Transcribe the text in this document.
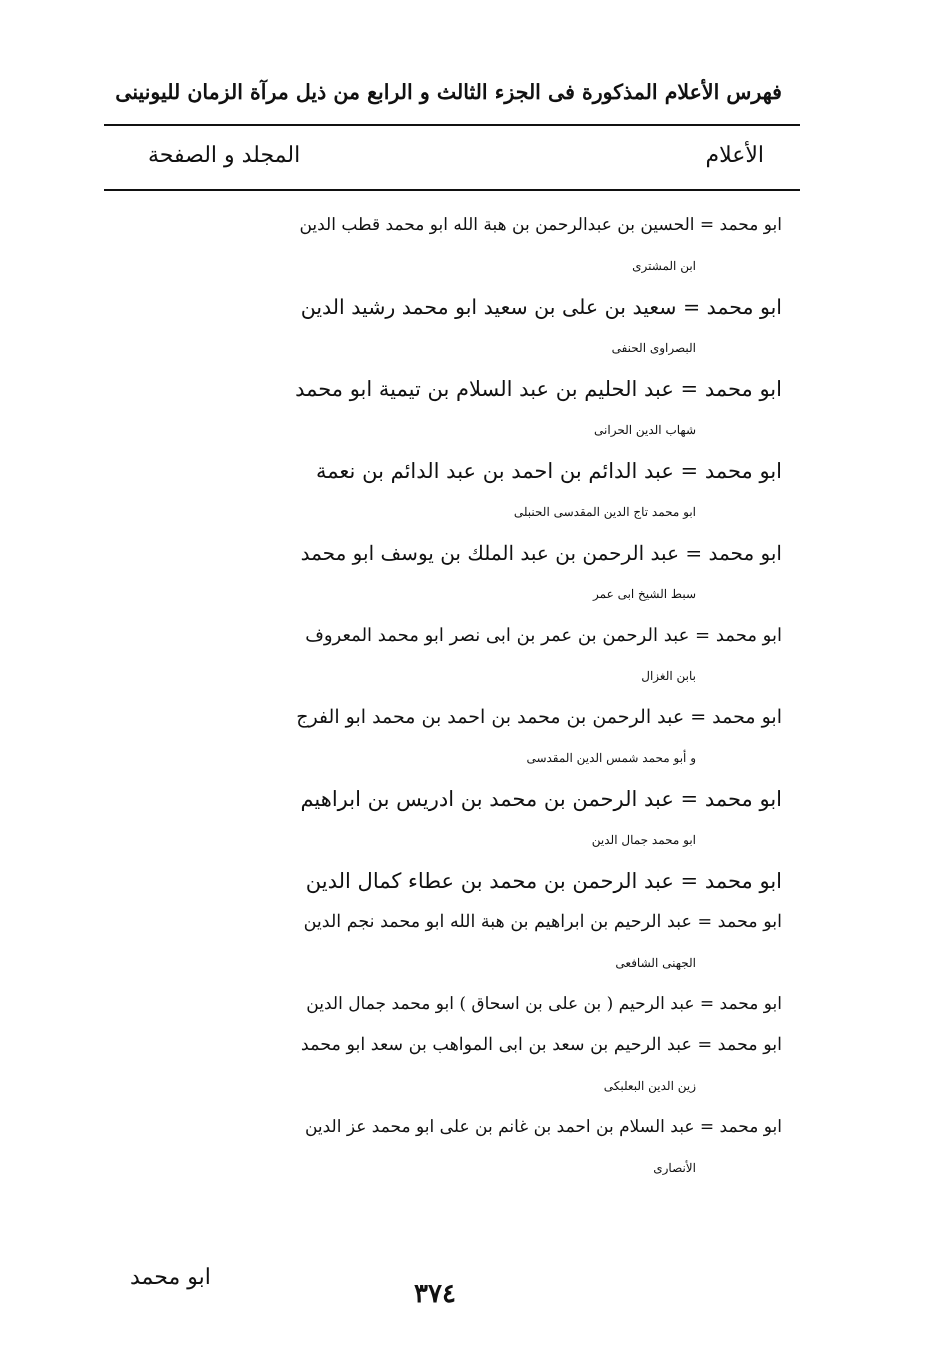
فهرس الأعلام المذكورة فى الجزء الثالث و الرابع من ذيل مرآة الزمان لليونينى
الأعلام
المجلد و الصفحة
ابو محمد = الحسين بن عبدالرحمن بن هبة الله ابو محمد قطب الدين
ابن المشترى
ابو محمد = سعيد بن على بن سعيد ابو محمد رشيد الدين
البصراوى الحنفى
ابو محمد = عبد الحليم بن عبد السلام بن تيمية ابو محمد
شهاب الدين الحرانى
ابو محمد = عبد الدائم بن احمد بن عبد الدائم بن نعمة
ابو محمد تاج الدين المقدسى الحنبلى
ابو محمد = عبد الرحمن بن عبد الملك بن يوسف ابو محمد
سبط الشيخ ابى عمر
ابو محمد = عبد الرحمن بن عمر بن ابى نصر ابو محمد المعروف
بابن الغزال
ابو محمد = عبد الرحمن بن محمد بن احمد بن محمد ابو الفرج
و أبو محمد شمس الدين المقدسى
ابو محمد = عبد الرحمن بن محمد بن ادريس بن ابراهيم
ابو محمد جمال الدين
ابو محمد = عبد الرحمن بن محمد بن عطاء كمال الدين
ابو محمد = عبد الرحيم بن ابراهيم بن هبة الله ابو محمد نجم الدين
الجهنى الشافعى
ابو محمد = عبد الرحيم ( بن على بن اسحاق ) ابو محمد جمال الدين
ابو محمد = عبد الرحيم بن سعد بن ابى المواهب بن سعد ابو محمد
زين الدين البعلبكى
ابو محمد = عبد السلام بن احمد بن غانم بن على ابو محمد عز الدين
الأنصارى
ابو محمد
٣٧٤
